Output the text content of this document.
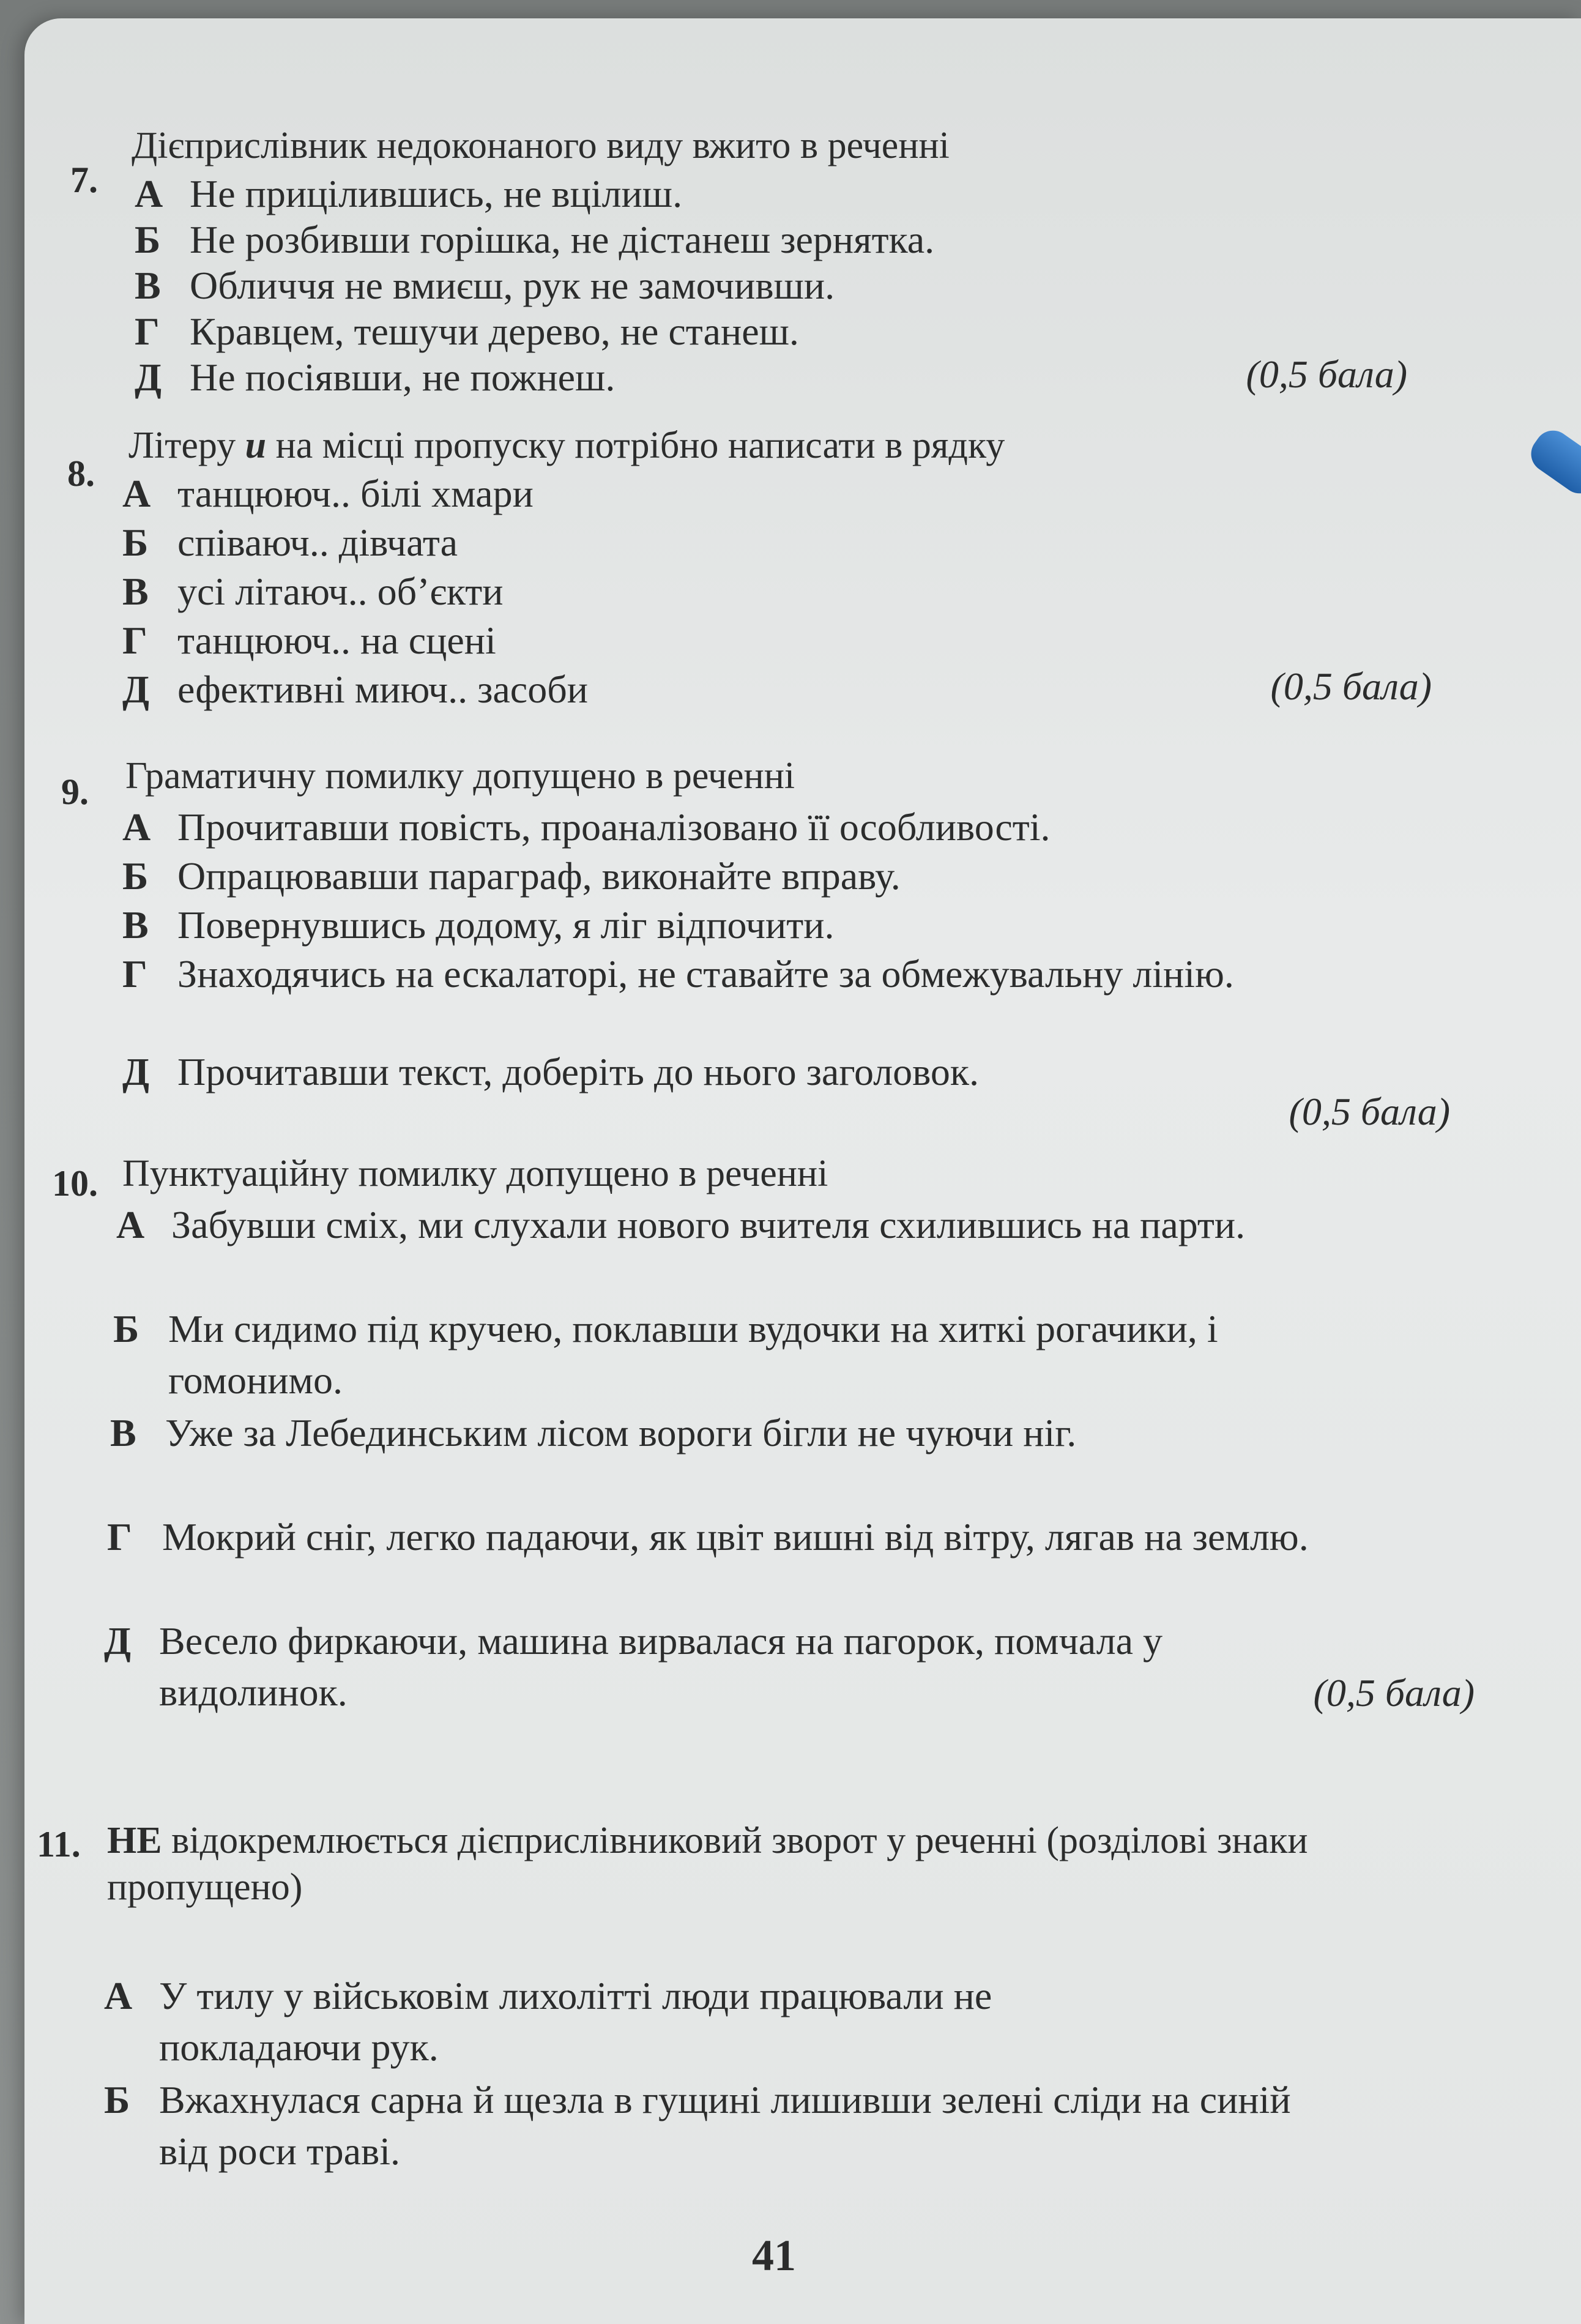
7.
Дієприслівник недоконаного виду вжито в реченні
А Не прицілившись, не вцілиш.
Б Не розбивши горішка, не дістанеш зернятка.
В Обличчя не вмиєш, рук не замочивши.
Г Кравцем, тешучи дерево, не станеш.
Д Не посіявши, не пожнеш.	(0,5 бала)
8.
Літеру и на місці пропуску потрібно написати в рядку
А танцююч.. білі хмари
Б співаюч.. дівчата
В усі літаюч.. об’єкти
Г танцююч.. на сцені
Д ефективні миюч.. засоби	(0,5 бала)
9. Граматичну помилку допущено в реченні
А Прочитавши повість, проаналізовано її особливості.
Б Опрацювавши параграф, виконайте вправу.
В Повернувшись додому, я ліг відпочити.
Г Знаходячись на ескалаторі, не ставайте за обмежувальну лінію.
Д Прочитавши текст, доберіть до нього заголовок.
(0,5 бала)
10. Пунктуаційну помилку допущено в реченні
А Забувши сміх, ми слухали нового вчителя схилившись на парти.
Б Ми сидимо під кручею, поклавши вудочки на хиткі рогачики, і гомонимо.
В Уже за Лебединським лісом вороги бігли не чуючи ніг.
Г Мокрий сніг, легко падаючи, як цвіт вишні від вітру, лягав на землю.
Д Весело фиркаючи, машина вирвалася на пагорок, помчала у видолинок.	(0,5 бала)
11. НЕ відокремлюється дієприслівниковий зворот у реченні (розділові знаки пропущено)
А У тилу у військовім лихолітті люди працювали не покладаючи рук.
Б Вжахнулася сарна й щезла в гущині лишивши зелені сліди на синій від роси траві.
41
